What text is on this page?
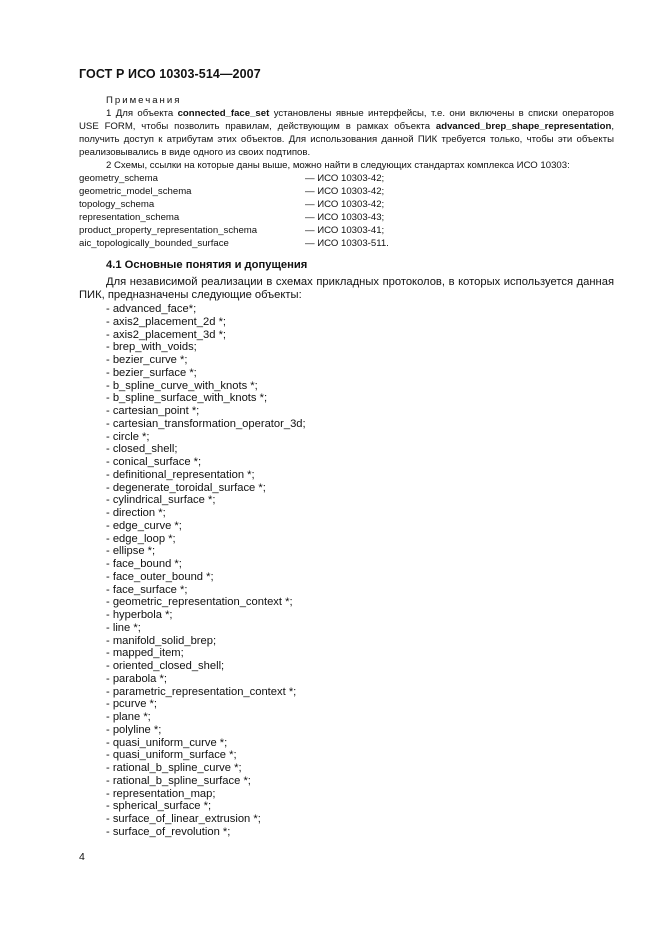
ГОСТ Р ИСО 10303-514—2007
Примечания

1 Для объекта connected_face_set установлены явные интерфейсы, т.е. они включены в списки операторов USE FORM, чтобы позволить правилам, действующим в рамках объекта advanced_brep_shape_representation, получить доступ к атрибутам этих объектов. Для использования данной ПИК требуется только, чтобы эти объекты реализовывались в виде одного из своих подтипов.

2 Схемы, ссылки на которые даны выше, можно найти в следующих стандартах комплекса ИСО 10303:

geometry_schema	— ИСО 10303-42;
geometric_model_schema	— ИСО 10303-42;
topology_schema	— ИСО 10303-42;
representation_schema	— ИСО 10303-43;
product_property_representation_schema	— ИСО 10303-41;
aic_topologically_bounded_surface	— ИСО 10303-511.
4.1 Основные понятия и допущения

Для независимой реализации в схемах прикладных протоколов, в которых используется данная ПИК, предназначены следующие объекты:

- advanced_face*;
- axis2_placement_2d *;
- axis2_placement_3d *;
- brep_with_voids;
- bezier_curve *;
- bezier_surface *;
- b_spline_curve_with_knots *;
- b_spline_surface_with_knots *;
- cartesian_point *;
- cartesian_transformation_operator_3d;
- circle *;
- closed_shell;
- conical_surface *;
- definitional_representation *;
- degenerate_toroidal_surface *;
- cylindrical_surface *;
- direction *;
- edge_curve *;
- edge_loop *;
- ellipse *;
- face_bound *;
- face_outer_bound *;
- face_surface *;
- geometric_representation_context *;
- hyperbola *;
- line *;
- manifold_solid_brep;
- mapped_item;
- oriented_closed_shell;
- parabola *;
- parametric_representation_context *;
- pcurve *;
- plane *;
- polyline *;
- quasi_uniform_curve *;
- quasi_uniform_surface *;
- rational_b_spline_curve *;
- rational_b_spline_surface *;
- representation_map;
- spherical_surface *;
- surface_of_linear_extrusion *;
- surface_of_revolution *;
4
